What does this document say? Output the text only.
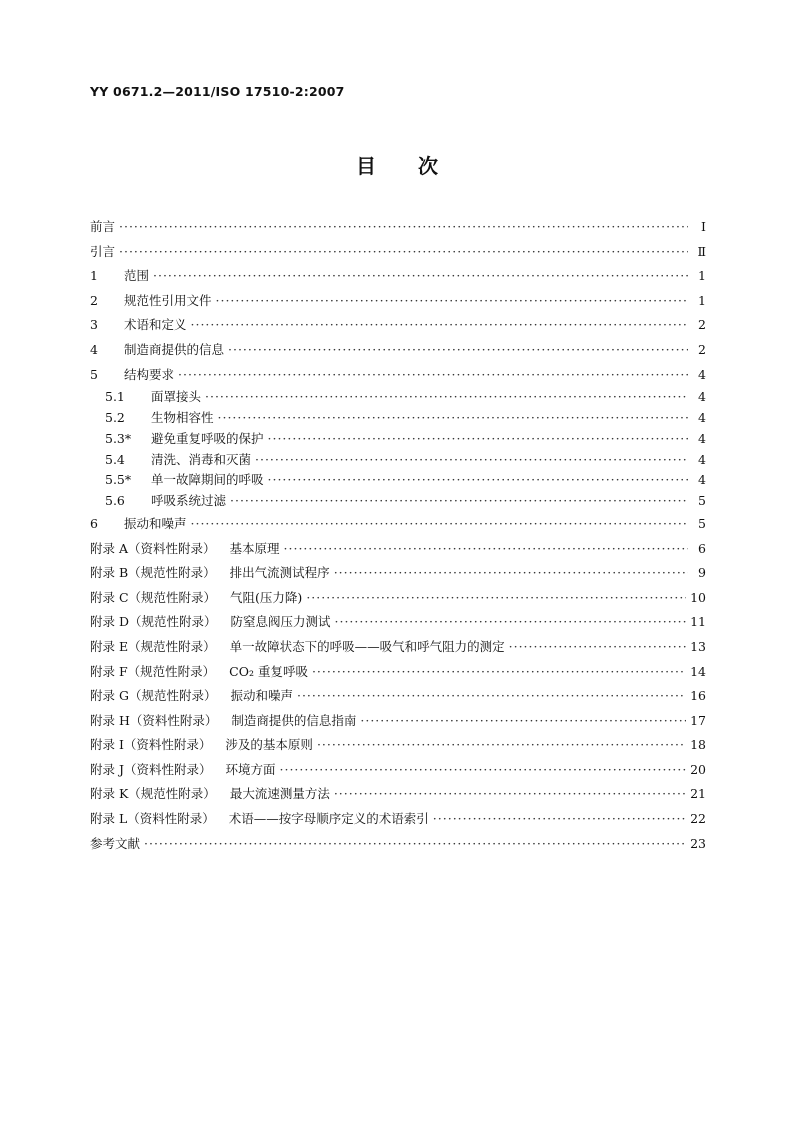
YY 0671.2—2011/ISO 17510-2:2007
目 次
前言 ·····	Ⅰ
引言 ·····	Ⅱ
1	范围 ·····	1
2	规范性引用文件 ·····	1
3	术语和定义 ·····	2
4	制造商提供的信息 ·····	2
5	结构要求 ·····	4
5.1	面罩接头 ·····	4
5.2	生物相容性 ·····	4
5.3*	避免重复呼吸的保护 ·····	4
5.4	清洗、消毒和灭菌 ·····	4
5.5*	单一故障期间的呼吸 ·····	4
5.6	呼吸系统过滤 ·····	5
6	振动和噪声 ·····	5
附录 A（资料性附录） 基本原理 ·····	6
附录 B（规范性附录） 排出气流测试程序 ·····	9
附录 C（规范性附录） 气阻(压力降) ·····	10
附录 D（规范性附录） 防窒息阀压力测试 ·····	11
附录 E（规范性附录） 单一故障状态下的呼吸——吸气和呼气阻力的测定 ·····	13
附录 F（规范性附录） CO₂ 重复呼吸 ·····	14
附录 G（规范性附录） 振动和噪声 ·····	16
附录 H（资料性附录） 制造商提供的信息指南 ·····	17
附录 I（资料性附录） 涉及的基本原则 ·····	18
附录 J（资料性附录） 环境方面 ·····	20
附录 K（规范性附录） 最大流速测量方法 ·····	21
附录 L（资料性附录） 术语——按字母顺序定义的术语索引 ·····	22
参考文献 ·····	23
